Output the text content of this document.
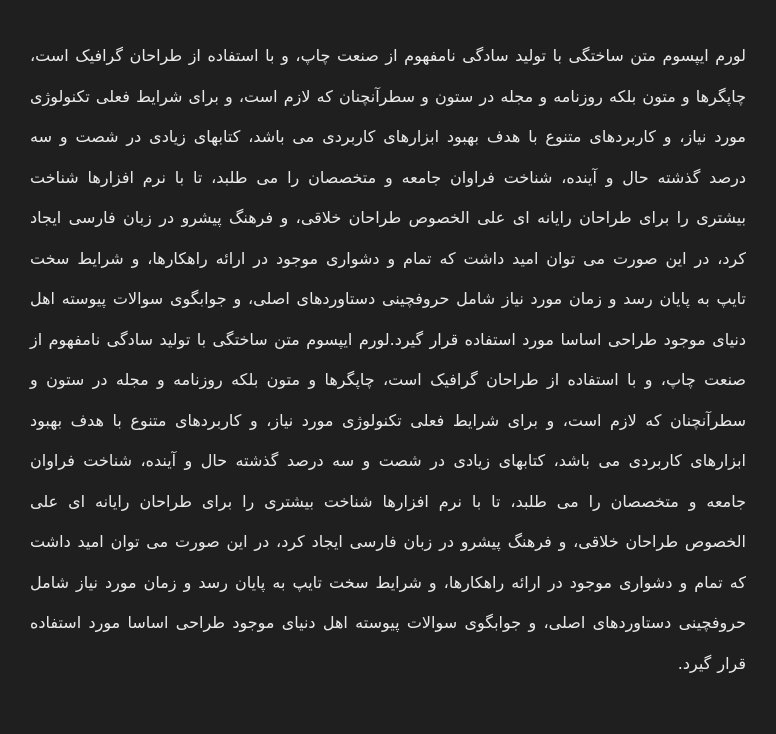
لورم ایپسوم متن ساختگی با تولید سادگی نامفهوم از صنعت چاپ، و با استفاده از طراحان گرافیک است، چاپگرها و متون بلکه روزنامه و مجله در ستون و سطرآنچنان که لازم است، و برای شرایط فعلی تکنولوژی مورد نیاز، و کاربردهای متنوع با هدف بهبود ابزارهای کاربردی می باشد، کتابهای زیادی در شصت و سه درصد گذشته حال و آینده، شناخت فراوان جامعه و متخصصان را می طلبد، تا با نرم افزارها شناخت بیشتری را برای طراحان رایانه ای علی الخصوص طراحان خلاقی، و فرهنگ پیشرو در زبان فارسی ایجاد کرد، در این صورت می توان امید داشت که تمام و دشواری موجود در ارائه راهکارها، و شرایط سخت تایپ به پایان رسد و زمان مورد نیاز شامل حروفچینی دستاوردهای اصلی، و جوابگوی سوالات پیوسته اهل دنیای موجود طراحی اساسا مورد استفاده قرار گیرد.لورم ایپسوم متن ساختگی با تولید سادگی نامفهوم از صنعت چاپ، و با استفاده از طراحان گرافیک است، چاپگرها و متون بلکه روزنامه و مجله در ستون و سطرآنچنان که لازم است، و برای شرایط فعلی تکنولوژی مورد نیاز، و کاربردهای متنوع با هدف بهبود ابزارهای کاربردی می باشد، کتابهای زیادی در شصت و سه درصد گذشته حال و آینده، شناخت فراوان جامعه و متخصصان را می طلبد، تا با نرم افزارها شناخت بیشتری را برای طراحان رایانه ای علی الخصوص طراحان خلاقی، و فرهنگ پیشرو در زبان فارسی ایجاد کرد، در این صورت می توان امید داشت که تمام و دشواری موجود در ارائه راهکارها، و شرایط سخت تایپ به پایان رسد و زمان مورد نیاز شامل حروفچینی دستاوردهای اصلی، و جوابگوی سوالات پیوسته اهل دنیای موجود طراحی اساسا مورد استفاده قرار گیرد.
